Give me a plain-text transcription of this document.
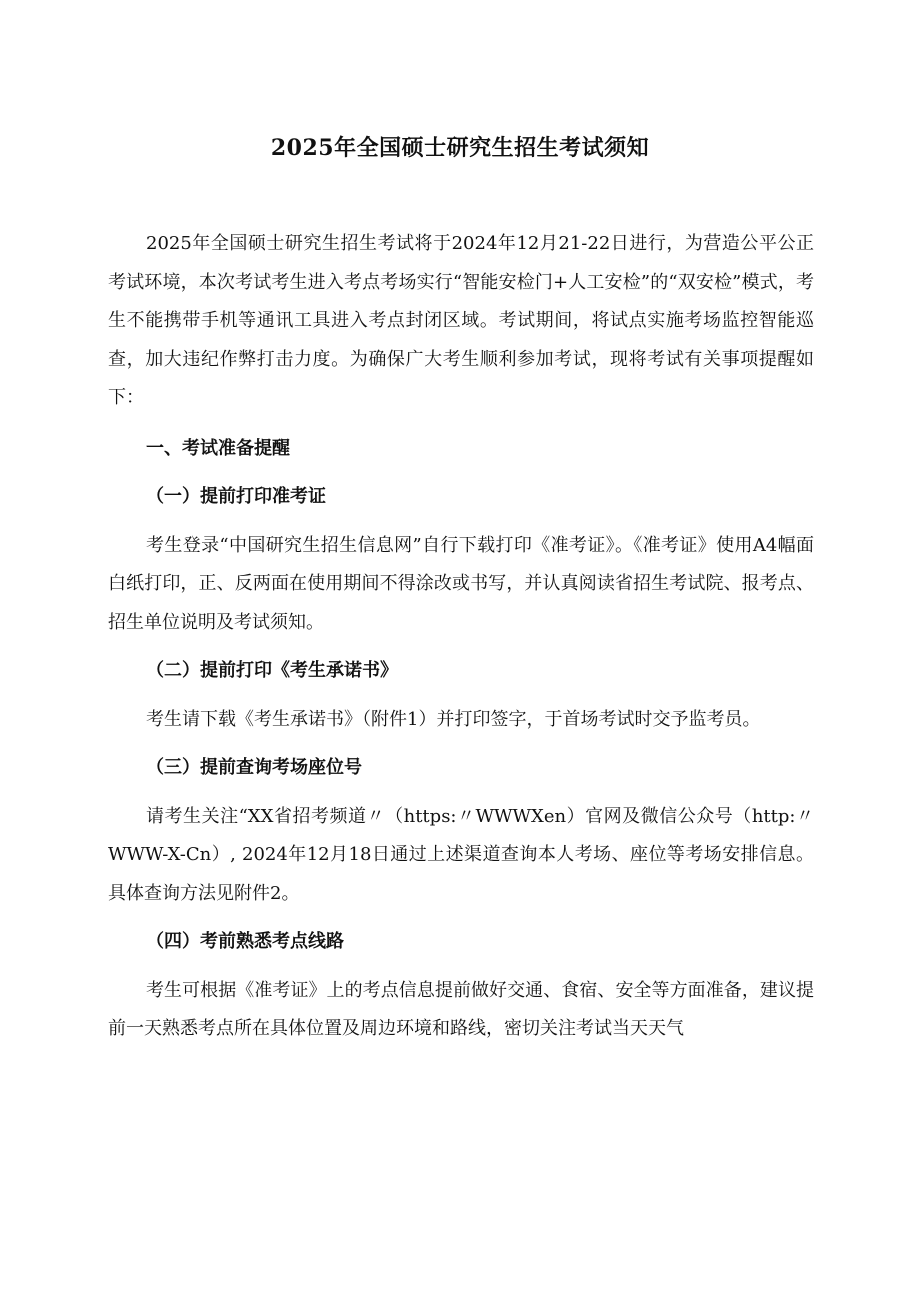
2025年全国硕士研究生招生考试须知

2025年全国硕士研究生招生考试将于2024年12月21-22日进行，为营造公平公正考试环境，本次考试考生进入考点考场实行“智能安检门+人工安检”的“双安检”模式，考生不能携带手机等通讯工具进入考点封闭区域。考试期间，将试点实施考场监控智能巡查，加大违纪作弊打击力度。为确保广大考生顺利参加考试，现将考试有关事项提醒如下：

一、考试准备提醒

（一）提前打印准考证

考生登录“中国研究生招生信息网”自行下载打印《准考证》。《准考证》使用A4幅面白纸打印，正、反两面在使用期间不得涂改或书写，并认真阅读省招生考试院、报考点、招生单位说明及考试须知。

（二）提前打印《考生承诺书》

考生请下载《考生承诺书》（附件1）并打印签字，于首场考试时交予监考员。

（三）提前查询考场座位号

请考生关注“XX省招考频道〃（https:〃WWWXen）官网及微信公众号（http:〃WWW-X-Cn）, 2024年12月18日通过上述渠道查询本人考场、座位等考场安排信息。具体查询方法见附件2。

（四）考前熟悉考点线路

考生可根据《准考证》上的考点信息提前做好交通、食宿、安全等方面准备，建议提前一天熟悉考点所在具体位置及周边环境和路线，密切关注考试当天天气
